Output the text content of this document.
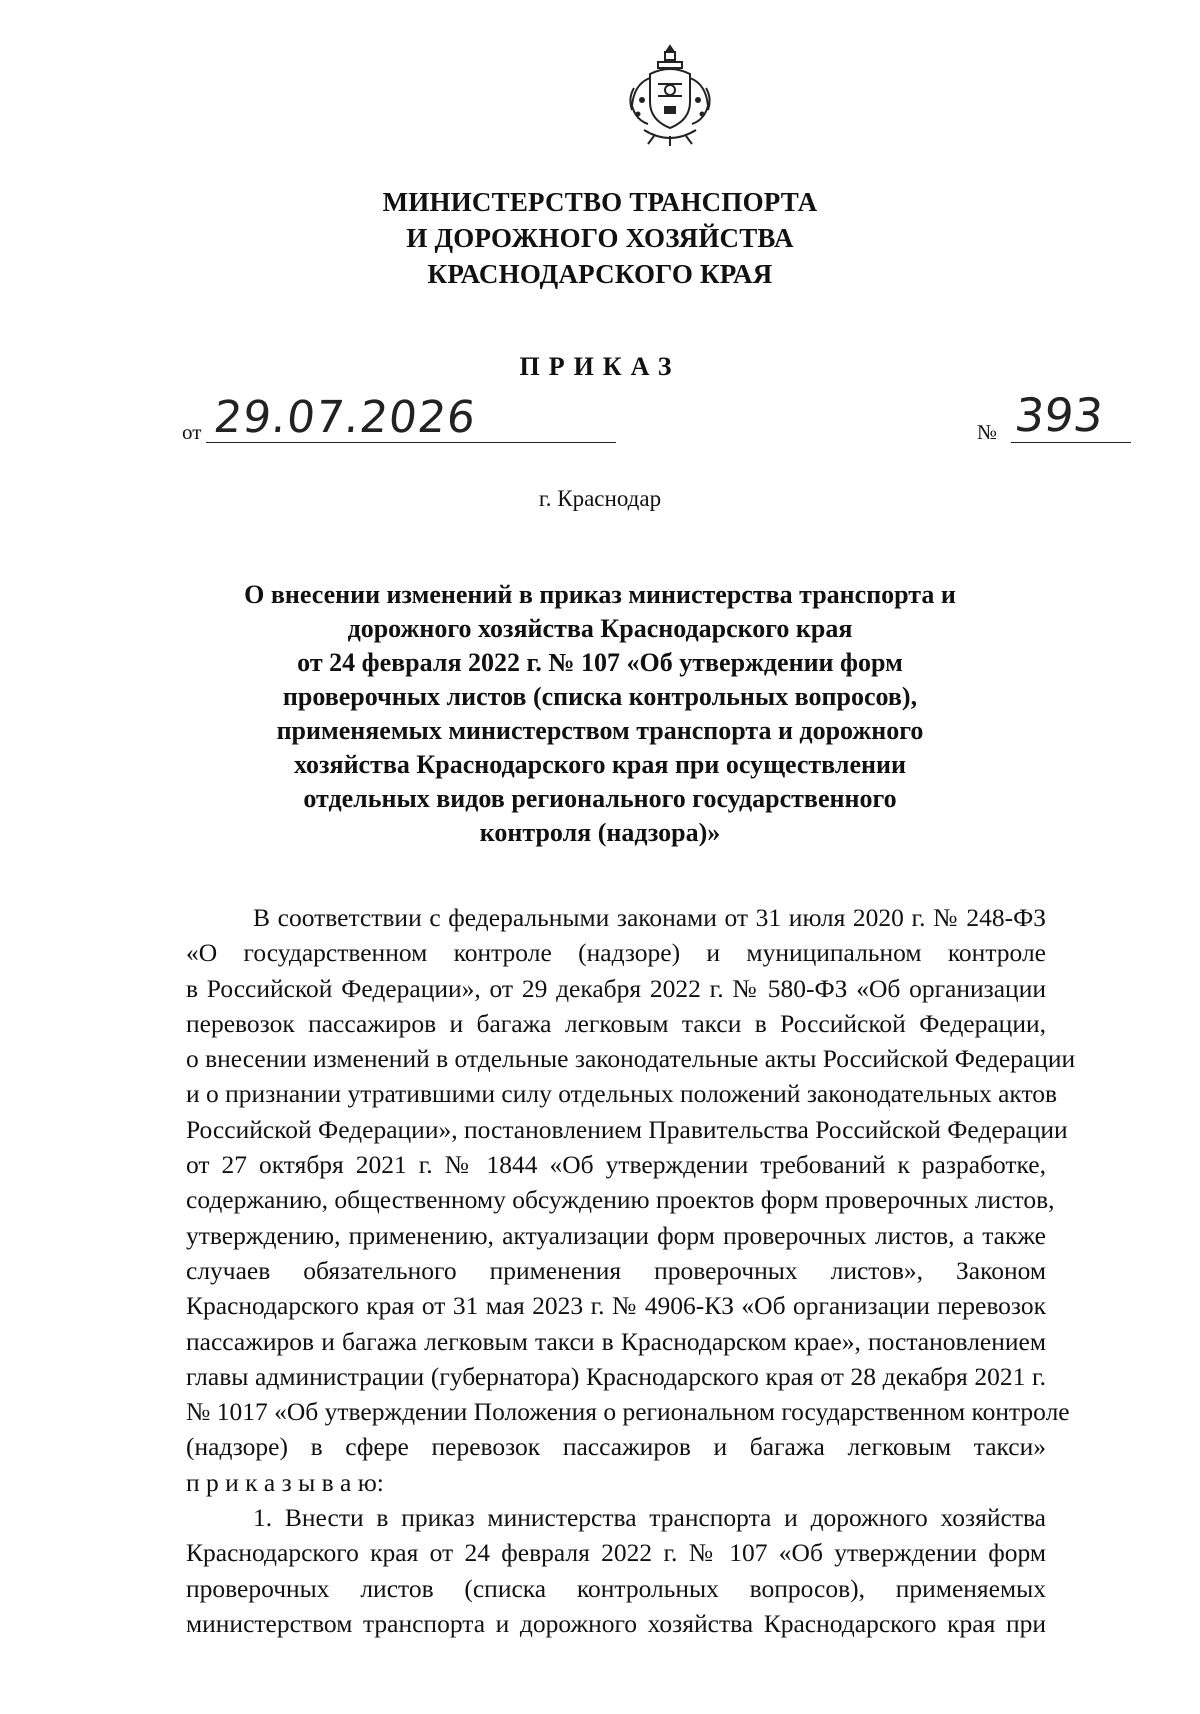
МИНИСТЕРСТВО ТРАНСПОРТА
И ДОРОЖНОГО ХОЗЯЙСТВА
КРАСНОДАРСКОГО КРАЯ
ПРИКАЗ
от 29.07.2026	№ 393
г. Краснодар
О внесении изменений в приказ министерства транспорта и
дорожного хозяйства Краснодарского края
от 24 февраля 2022 г. № 107 «Об утверждении форм
проверочных листов (списка контрольных вопросов),
применяемых министерством транспорта и дорожного
хозяйства Краснодарского края при осуществлении
отдельных видов регионального государственного
контроля (надзора)»
В соответствии с федеральными законами от 31 июля 2020 г. № 248-ФЗ
«О государственном контроле (надзоре) и муниципальном контроле
в Российской Федерации», от 29 декабря 2022 г. № 580-ФЗ «Об организации
перевозок пассажиров и багажа легковым такси в Российской Федерации,
о внесении изменений в отдельные законодательные акты Российской Федерации
и о признании утратившими силу отдельных положений законодательных актов
Российской Федерации», постановлением Правительства Российской Федерации
от 27 октября 2021 г. № 1844 «Об утверждении требований к разработке,
содержанию, общественному обсуждению проектов форм проверочных листов,
утверждению, применению, актуализации форм проверочных листов, а также
случаев обязательного применения проверочных листов», Законом
Краснодарского края от 31 мая 2023 г. № 4906-КЗ «Об организации перевозок
пассажиров и багажа легковым такси в Краснодарском крае», постановлением
главы администрации (губернатора) Краснодарского края от 28 декабря 2021 г.
№ 1017 «Об утверждении Положения о региональном государственном контроле
(надзоре) в сфере перевозок пассажиров и багажа легковым такси»
п р и к а з ы в а ю:
1. Внести в приказ министерства транспорта и дорожного хозяйства
Краснодарского края от 24 февраля 2022 г. № 107 «Об утверждении форм
проверочных листов (списка контрольных вопросов), применяемых
министерством транспорта и дорожного хозяйства Краснодарского края при
